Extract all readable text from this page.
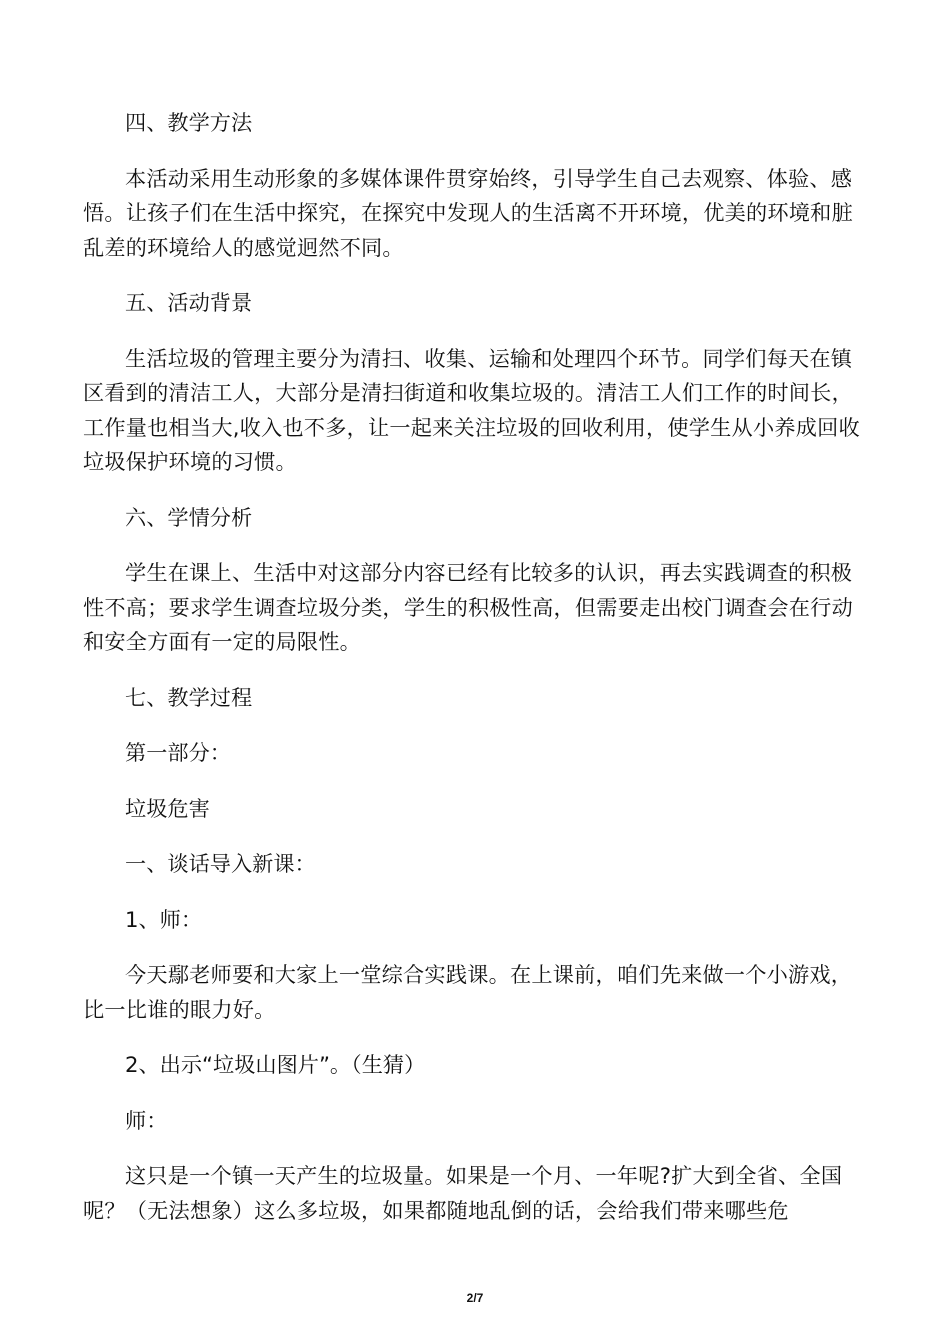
四、教学方法

本活动采用生动形象的多媒体课件贯穿始终，引导学生自己去观察、体验、感悟。让孩子们在生活中探究，在探究中发现人的生活离不开环境，优美的环境和脏乱差的环境给人的感觉迥然不同。

五、活动背景

生活垃圾的管理主要分为清扫、收集、运输和处理四个环节。同学们每天在镇区看到的清洁工人，大部分是清扫街道和收集垃圾的。清洁工人们工作的时间长，工作量也相当大,收入也不多，让一起来关注垃圾的回收利用，使学生从小养成回收垃圾保护环境的习惯。

六、学情分析

学生在课上、生活中对这部分内容已经有比较多的认识，再去实践调查的积极性不高；要求学生调查垃圾分类，学生的积极性高，但需要走出校门调查会在行动和安全方面有一定的局限性。

七、教学过程

第一部分：

垃圾危害

一、谈话导入新课：

1、师：

今天鄢老师要和大家上一堂综合实践课。在上课前，咱们先来做一个小游戏，比一比谁的眼力好。

2、出示“垃圾山图片”。（生猜）

师：

这只是一个镇一天产生的垃圾量。如果是一个月、一年呢?扩大到全省、全国呢？（无法想象）这么多垃圾，如果都随地乱倒的话，会给我们带来哪些危

2/7
